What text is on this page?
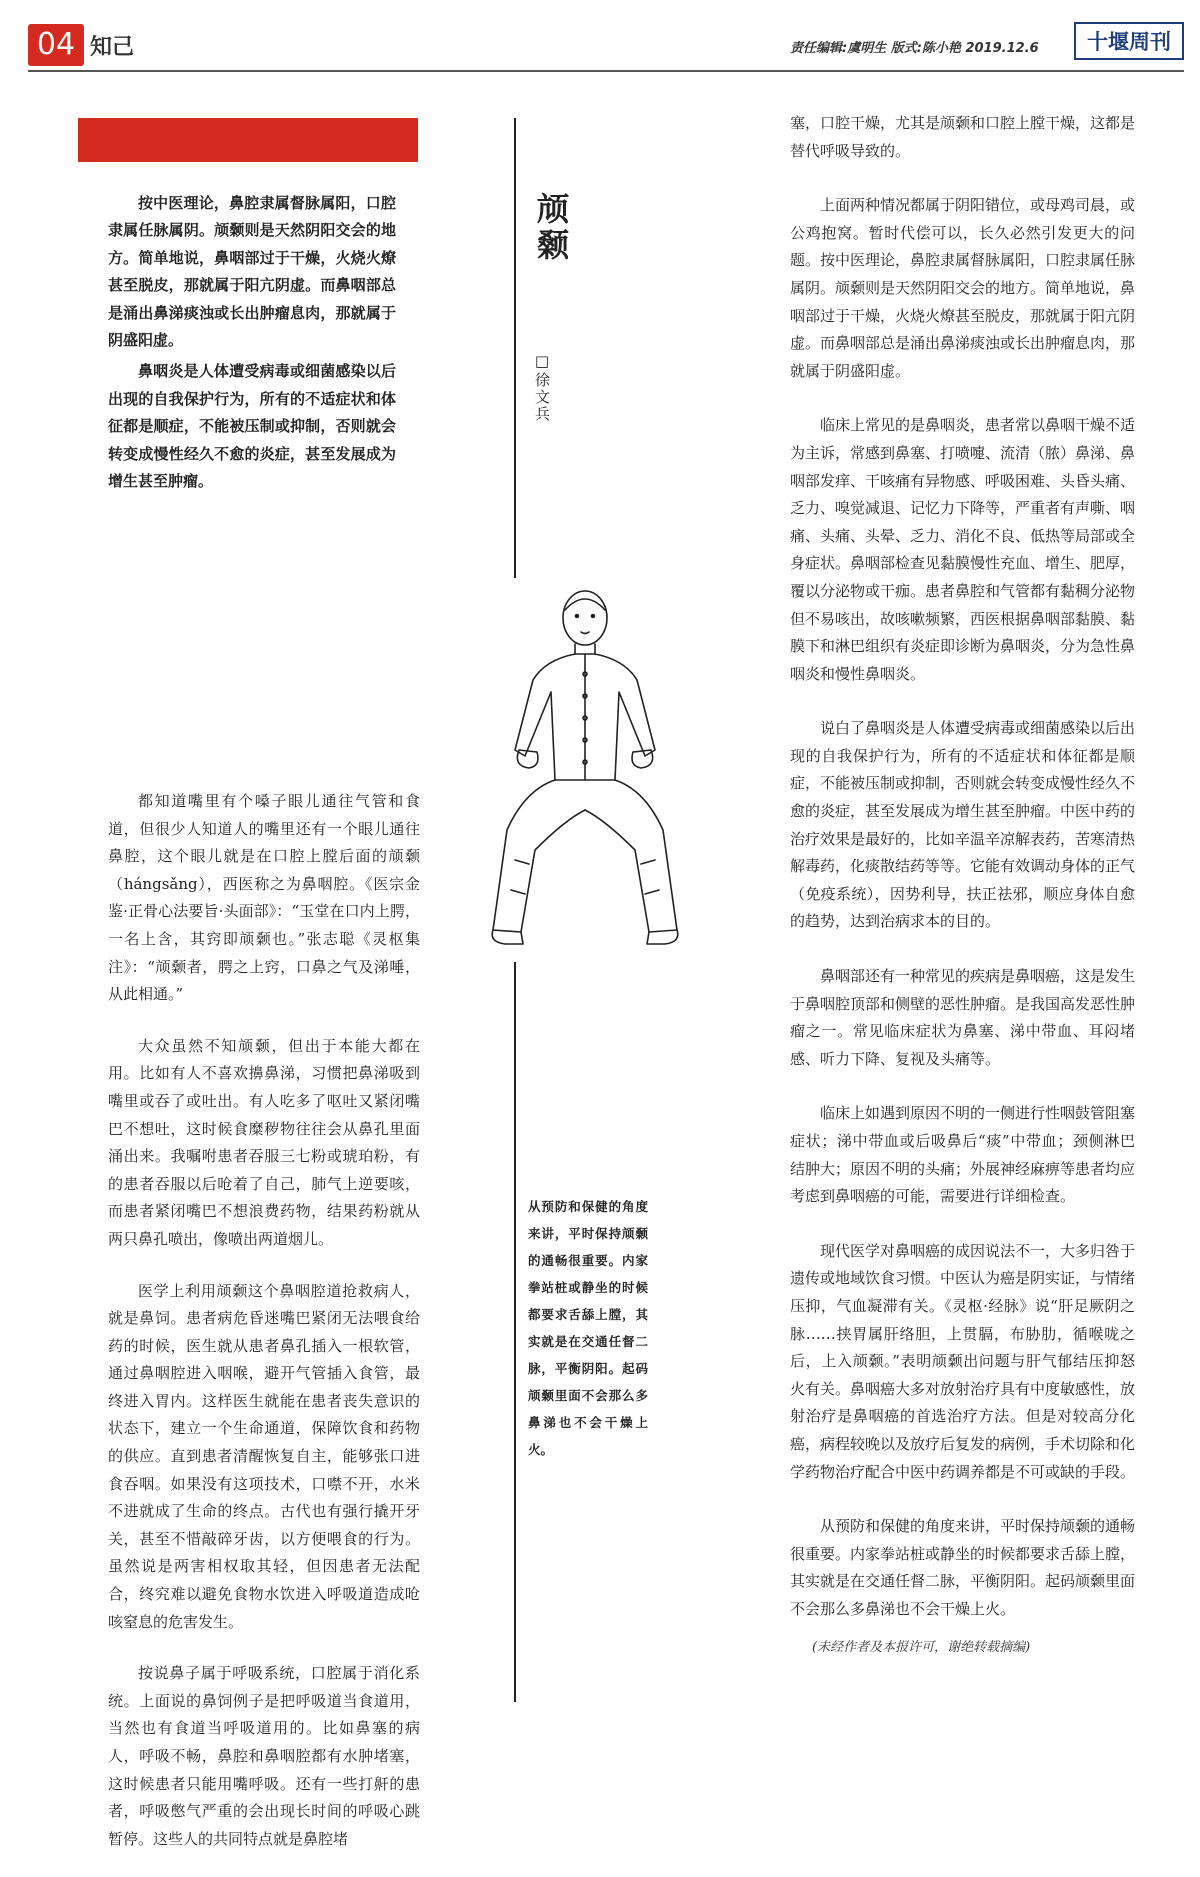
04 知己	责任编辑:虞明生 版式:陈小艳 2019.12.6	十堰周刊

按中医理论，鼻腔隶属督脉属阳，口腔隶属任脉属阴。颃颡则是天然阴阳交会的地方。简单地说，鼻咽部过于干燥，火烧火燎甚至脱皮，那就属于阳亢阴虚。而鼻咽部总是涌出鼻涕痰浊或长出肿瘤息肉，那就属于阴盛阳虚。

鼻咽炎是人体遭受病毒或细菌感染以后出现的自我保护行为，所有的不适症状和体征都是顺症，不能被压制或抑制，否则就会转变成慢性经久不愈的炎症，甚至发展成为增生甚至肿瘤。

都知道嘴里有个嗓子眼儿通往气管和食道，但很少人知道人的嘴里还有一个眼儿通往鼻腔，这个眼儿就是在口腔上膛后面的颃颡（hángsǎng），西医称之为鼻咽腔。《医宗金鉴·正骨心法要旨·头面部》：“玉堂在口内上腭，一名上含，其窍即颃颡也。”张志聪《灵枢集注》：“颃颡者，腭之上窍，口鼻之气及涕唾，从此相通。”

大众虽然不知颃颡，但出于本能大都在用。比如有人不喜欢擤鼻涕，习惯把鼻涕吸到嘴里或吞了或吐出。有人吃多了呕吐又紧闭嘴巴不想吐，这时候食糜秽物往往会从鼻孔里面涌出来。我嘱咐患者吞服三七粉或琥珀粉，有的患者吞服以后呛着了自己，肺气上逆要咳，而患者紧闭嘴巴不想浪费药物，结果药粉就从两只鼻孔喷出，像喷出两道烟儿。

医学上利用颃颡这个鼻咽腔道抢救病人，就是鼻饲。患者病危昏迷嘴巴紧闭无法喂食给药的时候，医生就从患者鼻孔插入一根软管，通过鼻咽腔进入咽喉，避开气管插入食管，最终进入胃内。这样医生就能在患者丧失意识的状态下，建立一个生命通道，保障饮食和药物的供应。直到患者清醒恢复自主，能够张口进食吞咽。如果没有这项技术，口噤不开，水米不进就成了生命的终点。古代也有强行撬开牙关，甚至不惜敲碎牙齿，以方便喂食的行为。虽然说是两害相权取其轻，但因患者无法配合，终究难以避免食物水饮进入呼吸道造成呛咳窒息的危害发生。

按说鼻子属于呼吸系统，口腔属于消化系统。上面说的鼻饲例子是把呼吸道当食道用，当然也有食道当呼吸道用的。比如鼻塞的病人，呼吸不畅，鼻腔和鼻咽腔都有水肿堵塞，这时候患者只能用嘴呼吸。还有一些打鼾的患者，呼吸憋气严重的会出现长时间的呼吸心跳暂停。这些人的共同特点就是鼻腔堵

颃颡
□徐文兵
从预防和保健的角度来讲，平时保持颃颡的通畅很重要。内家拳站桩或静坐的时候都要求舌舔上膛，其实就是在交通任督二脉，平衡阴阳。起码颃颡里面不会那么多鼻涕也不会干燥上火。

塞，口腔干燥，尤其是颃颡和口腔上膛干燥，这都是替代呼吸导致的。

上面两种情况都属于阴阳错位，或母鸡司晨，或公鸡抱窝。暂时代偿可以，长久必然引发更大的问题。按中医理论，鼻腔隶属督脉属阳，口腔隶属任脉属阴。颃颡则是天然阴阳交会的地方。简单地说，鼻咽部过于干燥，火烧火燎甚至脱皮，那就属于阳亢阴虚。而鼻咽部总是涌出鼻涕痰浊或长出肿瘤息肉，那就属于阴盛阳虚。

临床上常见的是鼻咽炎，患者常以鼻咽干燥不适为主诉，常感到鼻塞、打喷嚏、流清（脓）鼻涕、鼻咽部发痒、干咳痛有异物感、呼吸困难、头昏头痛、乏力、嗅觉减退、记忆力下降等，严重者有声嘶、咽痛、头痛、头晕、乏力、消化不良、低热等局部或全身症状。鼻咽部检查见黏膜慢性充血、增生、肥厚，覆以分泌物或干痂。患者鼻腔和气管都有黏稠分泌物但不易咳出，故咳嗽频繁，西医根据鼻咽部黏膜、黏膜下和淋巴组织有炎症即诊断为鼻咽炎，分为急性鼻咽炎和慢性鼻咽炎。

说白了鼻咽炎是人体遭受病毒或细菌感染以后出现的自我保护行为，所有的不适症状和体征都是顺症，不能被压制或抑制，否则就会转变成慢性经久不愈的炎症，甚至发展成为增生甚至肿瘤。中医中药的治疗效果是最好的，比如辛温辛凉解表药，苦寒清热解毒药，化痰散结药等等。它能有效调动身体的正气（免疫系统），因势利导，扶正祛邪，顺应身体自愈的趋势，达到治病求本的目的。

鼻咽部还有一种常见的疾病是鼻咽癌，这是发生于鼻咽腔顶部和侧壁的恶性肿瘤。是我国高发恶性肿瘤之一。常见临床症状为鼻塞、涕中带血、耳闷堵感、听力下降、复视及头痛等。

临床上如遇到原因不明的一侧进行性咽鼓管阻塞症状；涕中带血或后吸鼻后“痰”中带血；颈侧淋巴结肿大；原因不明的头痛；外展神经麻痹等患者均应考虑到鼻咽癌的可能，需要进行详细检查。

现代医学对鼻咽癌的成因说法不一，大多归咎于遗传或地域饮食习惯。中医认为癌是阴实证，与情绪压抑，气血凝滞有关。《灵枢·经脉》说“肝足厥阴之脉……挟胃属肝络胆，上贯膈，布胁肋，循喉咙之后，上入颃颡。”表明颃颡出问题与肝气郁结压抑怒火有关。鼻咽癌大多对放射治疗具有中度敏感性，放射治疗是鼻咽癌的首选治疗方法。但是对较高分化癌，病程较晚以及放疗后复发的病例，手术切除和化学药物治疗配合中医中药调养都是不可或缺的手段。

从预防和保健的角度来讲，平时保持颃颡的通畅很重要。内家拳站桩或静坐的时候都要求舌舔上膛，其实就是在交通任督二脉，平衡阴阳。起码颃颡里面不会那么多鼻涕也不会干燥上火。

(未经作者及本报许可，谢绝转载摘编)
